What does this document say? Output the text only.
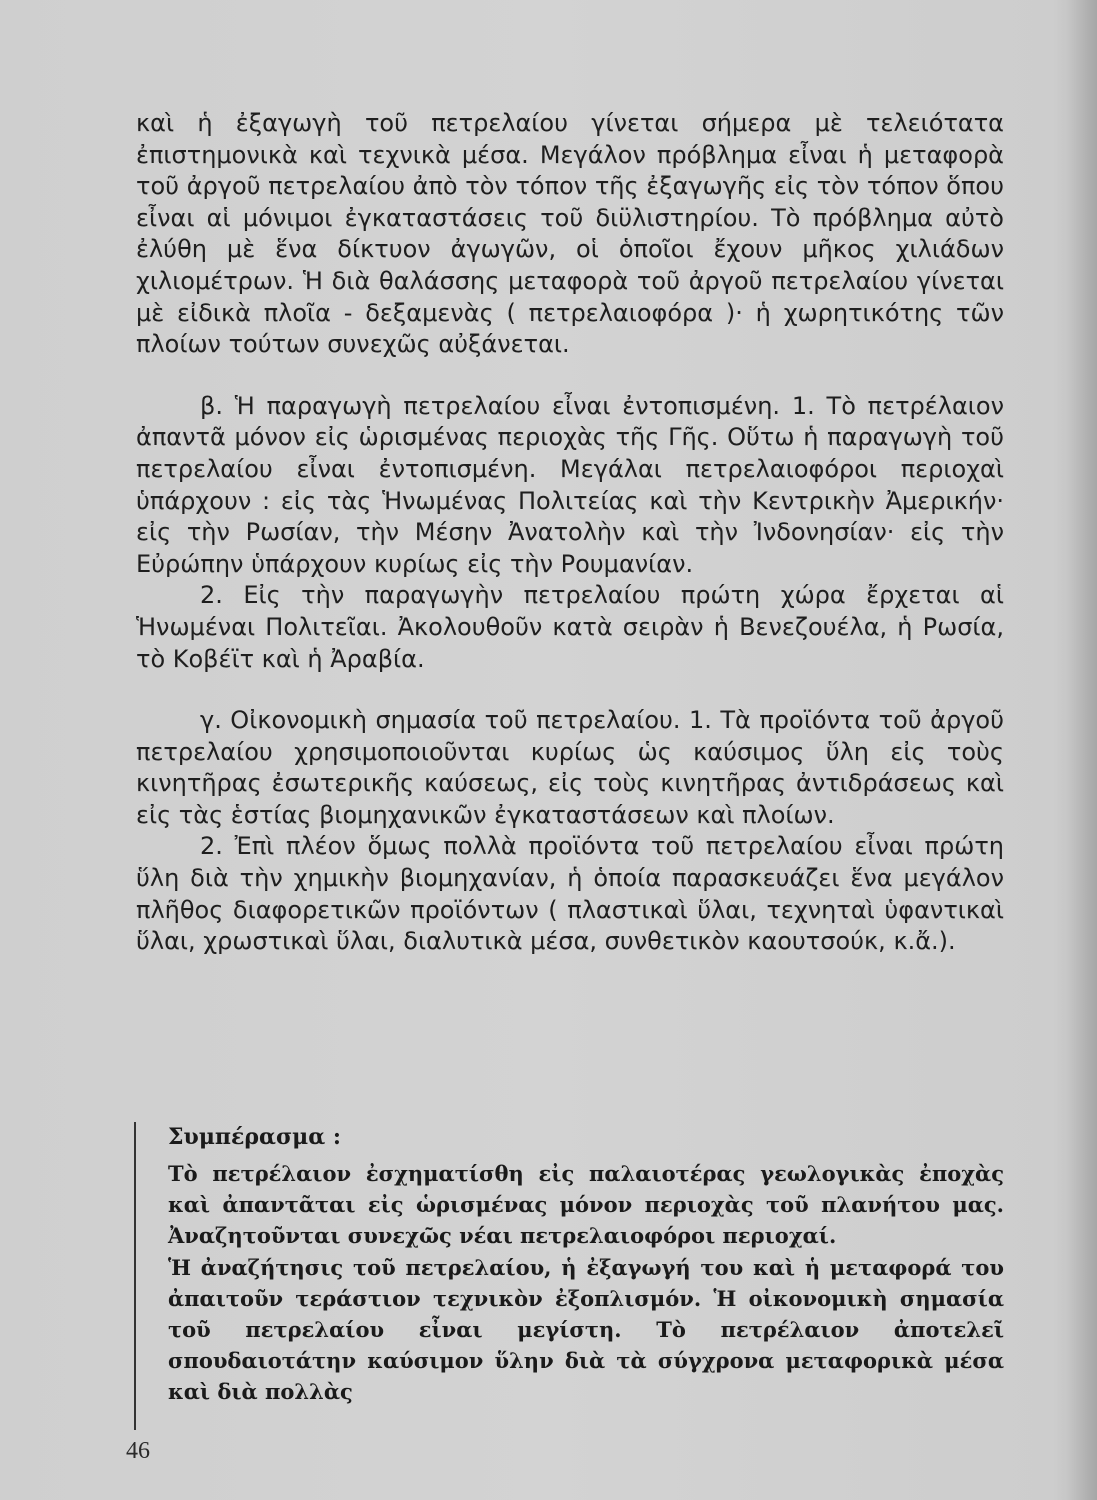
καὶ ἡ ἐξαγωγὴ τοῦ πετρελαίου γίνεται σήμερα μὲ τελειότατα ἐπιστημονικὰ καὶ τεχνικὰ μέσα. Μεγάλον πρόβλημα εἶναι ἡ μεταφορὰ τοῦ ἀργοῦ πετρελαίου ἀπὸ τὸν τόπον τῆς ἐξαγωγῆς εἰς τὸν τόπον ὅπου εἶναι αἱ μόνιμοι ἐγκαταστάσεις τοῦ διϋλιστηρίου. Τὸ πρόβλημα αὐτὸ ἐλύθη μὲ ἕνα δίκτυον ἀγωγῶν, οἱ ὁποῖοι ἔχουν μῆκος χιλιάδων χιλιομέτρων. Ἡ διὰ θαλάσσης μεταφορὰ τοῦ ἀργοῦ πετρελαίου γίνεται μὲ εἰδικὰ πλοῖα - δεξαμενὰς ( πετρελαιοφόρα )· ἡ χωρητικότης τῶν πλοίων τούτων συνεχῶς αὐξάνεται.

β. Ἡ παραγωγὴ πετρελαίου εἶναι ἐντοπισμένη. 1. Τὸ πετρέλαιον ἀπαντᾶ μόνον εἰς ὡρισμένας περιοχὰς τῆς Γῆς. Οὕτω ἡ παραγωγὴ τοῦ πετρελαίου εἶναι ἐντοπισμένη. Μεγάλαι πετρελαιοφόροι περιοχαὶ ὑπάρχουν : εἰς τὰς Ἡνωμένας Πολιτείας καὶ τὴν Κεντρικὴν Ἀμερικήν· εἰς τὴν Ρωσίαν, τὴν Μέσην Ἀνατολὴν καὶ τὴν Ἰνδονησίαν· εἰς τὴν Εὐρώπην ὑπάρχουν κυρίως εἰς τὴν Ρουμανίαν.

2. Εἰς τὴν παραγωγὴν πετρελαίου πρώτη χώρα ἔρχεται αἱ Ἡνωμέναι Πολιτεῖαι. Ἀκολουθοῦν κατὰ σειρὰν ἡ Βενεζουέλα, ἡ Ρωσία, τὸ Κοβέϊτ καὶ ἡ Ἀραβία.

γ. Οἰκονομικὴ σημασία τοῦ πετρελαίου. 1. Τὰ προϊόντα τοῦ ἀργοῦ πετρελαίου χρησιμοποιοῦνται κυρίως ὡς καύσιμος ὕλη εἰς τοὺς κινητῆρας ἐσωτερικῆς καύσεως, εἰς τοὺς κινητῆρας ἀντιδράσεως καὶ εἰς τὰς ἑστίας βιομηχανικῶν ἐγκαταστάσεων καὶ πλοίων.

2. Ἐπὶ πλέον ὅμως πολλὰ προϊόντα τοῦ πετρελαίου εἶναι πρώτη ὕλη διὰ τὴν χημικὴν βιομηχανίαν, ἡ ὁποία παρασκευάζει ἕνα μεγάλον πλῆθος διαφορετικῶν προϊόντων ( πλαστικαὶ ὕλαι, τεχνηταὶ ὑφαντικαὶ ὕλαι, χρωστικαὶ ὕλαι, διαλυτικὰ μέσα, συνθετικὸν καουτσούκ, κ.ἄ.).

Συμπέρασμα :

Τὸ πετρέλαιον ἐσχηματίσθη εἰς παλαιοτέρας γεωλογικὰς ἐποχὰς καὶ ἀπαντᾶται εἰς ὡρισμένας μόνον περιοχὰς τοῦ πλανήτου μας. Ἀναζητοῦνται συνεχῶς νέαι πετρελαιοφόροι περιοχαί.

Ἡ ἀναζήτησις τοῦ πετρελαίου, ἡ ἐξαγωγή του καὶ ἡ μεταφορά του ἀπαιτοῦν τεράστιον τεχνικὸν ἐξοπλισμόν. Ἡ οἰκονομικὴ σημασία τοῦ πετρελαίου εἶναι μεγίστη. Τὸ πετρέλαιον ἀποτελεῖ σπουδαιοτάτην καύσιμον ὕλην διὰ τὰ σύγχρονα μεταφορικὰ μέσα καὶ διὰ πολλὰς

46
